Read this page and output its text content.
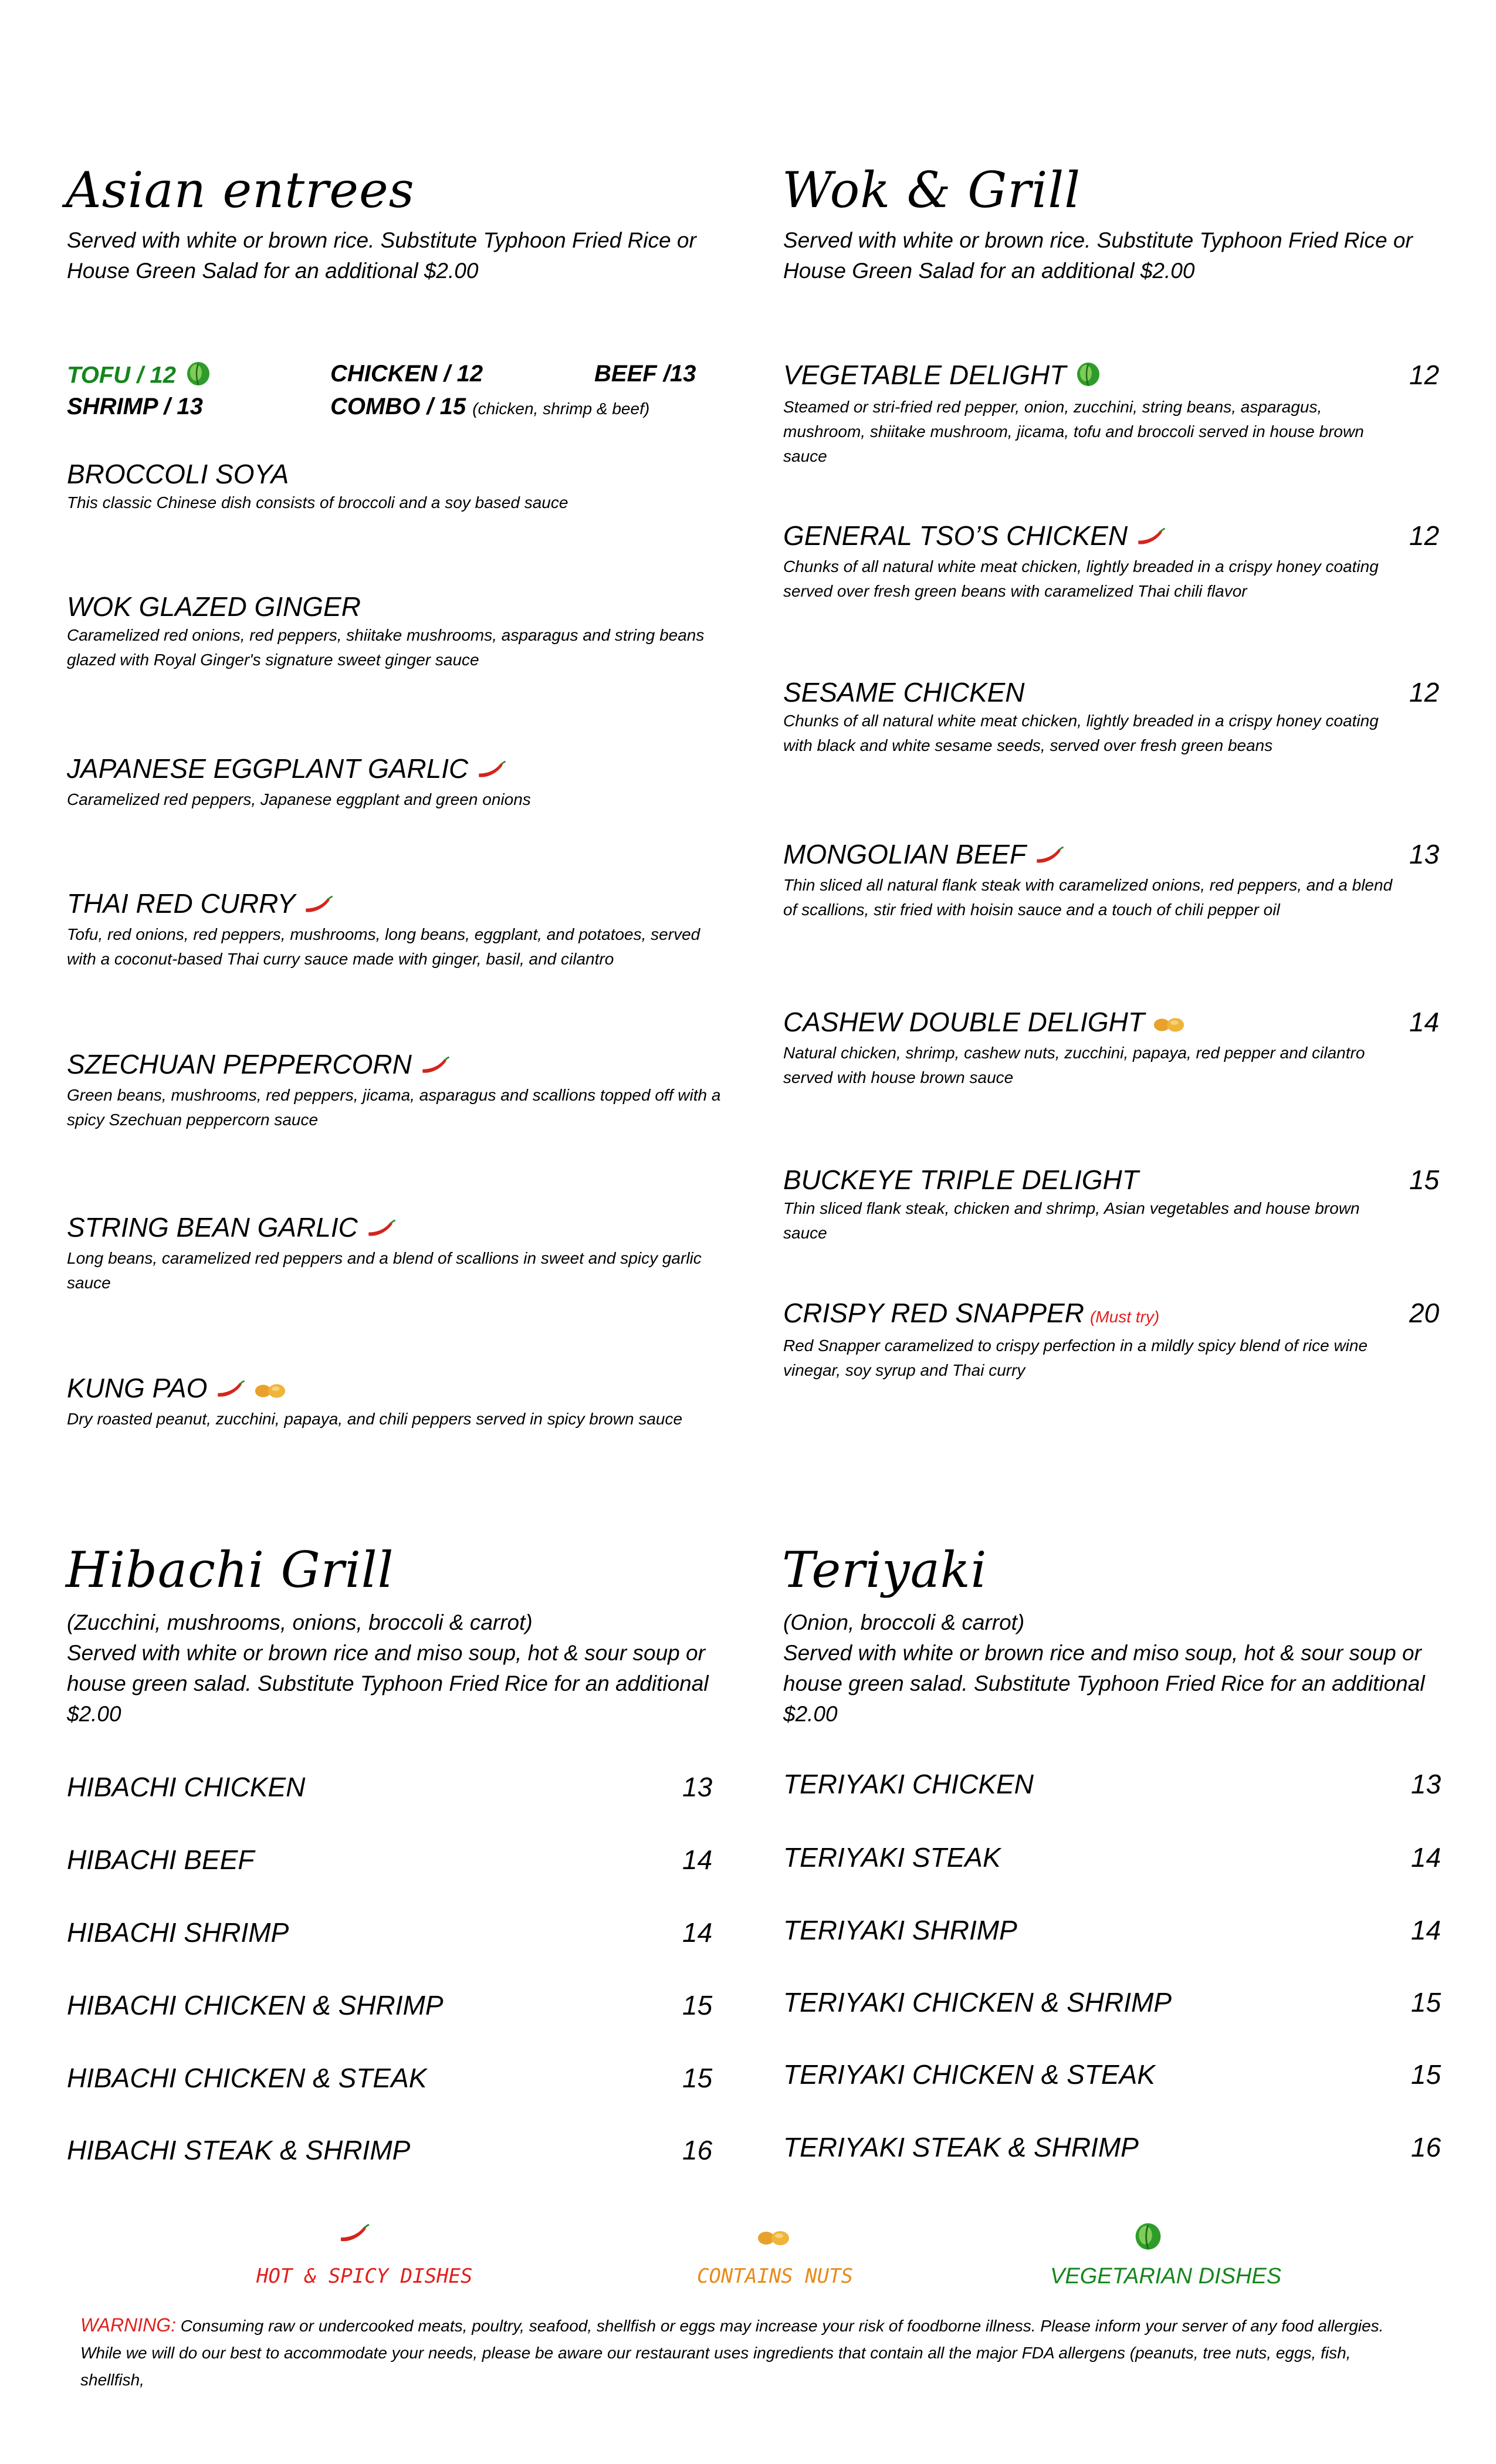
Asian entrees

Served with white or brown rice. Substitute Typhoon Fried Rice or House Green Salad for an additional $2.00

TOFU / 12	CHICKEN / 12	BEEF /13
SHRIMP / 13	COMBO / 15 (chicken, shrimp & beef)
BROCCOLI SOYA
This classic Chinese dish consists of broccoli and a soy based sauce
WOK GLAZED GINGER
Caramelized red onions, red peppers, shiitake mushrooms, asparagus and string beans glazed with Royal Ginger's signature sweet ginger sauce
JAPANESE EGGPLANT GARLIC
Caramelized red peppers, Japanese eggplant and green onions
THAI RED CURRY
Tofu, red onions, red peppers, mushrooms, long beans, eggplant, and potatoes, served with a coconut-based Thai curry sauce made with ginger, basil, and cilantro
SZECHUAN PEPPERCORN
Green beans, mushrooms, red peppers, jicama, asparagus and scallions topped off with a spicy Szechuan peppercorn sauce
STRING BEAN GARLIC
Long beans, caramelized red peppers and a blend of scallions in sweet and spicy garlic sauce
KUNG PAO
Dry roasted peanut, zucchini, papaya, and chili peppers served in spicy brown sauce
Wok & Grill

Served with white or brown rice. Substitute Typhoon Fried Rice or House Green Salad for an additional $2.00

VEGETABLE DELIGHT
Steamed or stri-fried red pepper, onion, zucchini, string beans, asparagus, mushroom, shiitake mushroom, jicama, tofu and broccoli served in house brown sauce
12
GENERAL TSO’S CHICKEN
Chunks of all natural white meat chicken, lightly breaded in a crispy honey coating served over fresh green beans with caramelized Thai chili flavor
12
SESAME CHICKEN
Chunks of all natural white meat chicken, lightly breaded in a crispy honey coating with black and white sesame seeds, served over fresh green beans
12
MONGOLIAN BEEF
Thin sliced all natural flank steak with caramelized onions, red peppers, and a blend of scallions, stir fried with hoisin sauce and a touch of chili pepper oil
13
CASHEW DOUBLE DELIGHT
Natural chicken, shrimp, cashew nuts, zucchini, papaya, red pepper and cilantro served with house brown sauce
14
BUCKEYE TRIPLE DELIGHT
Thin sliced flank steak, chicken and shrimp, Asian vegetables and house brown sauce
15
CRISPY RED SNAPPER (Must try)
Red Snapper caramelized to crispy perfection in a mildly spicy blend of rice wine vinegar, soy syrup and Thai curry
20
Hibachi Grill

(Zucchini, mushrooms, onions, broccoli & carrot)

Served with white or brown rice and miso soup, hot & sour soup or house green salad. Substitute Typhoon Fried Rice for an additional $2.00

HIBACHI CHICKEN	13
HIBACHI BEEF	14
HIBACHI SHRIMP	14
HIBACHI CHICKEN & SHRIMP	15
HIBACHI CHICKEN & STEAK	15
HIBACHI STEAK & SHRIMP	16
Teriyaki

(Onion, broccoli & carrot)

Served with white or brown rice and miso soup, hot & sour soup or house green salad. Substitute Typhoon Fried Rice for an additional $2.00

TERIYAKI CHICKEN	13
TERIYAKI STEAK	14
TERIYAKI SHRIMP	14
TERIYAKI CHICKEN & SHRIMP	15
TERIYAKI CHICKEN & STEAK	15
TERIYAKI STEAK & SHRIMP	16
HOT & SPICY DISHES	CONTAINS NUTS	VEGETARIAN DISHES
WARNING: Consuming raw or undercooked meats, poultry, seafood, shellfish or eggs may increase your risk of foodborne illness. Please inform your server of any food allergies. While we will do our best to accommodate your needs, please be aware our restaurant uses ingredients that contain all the major FDA allergens (peanuts, tree nuts, eggs, fish, shellfish,
